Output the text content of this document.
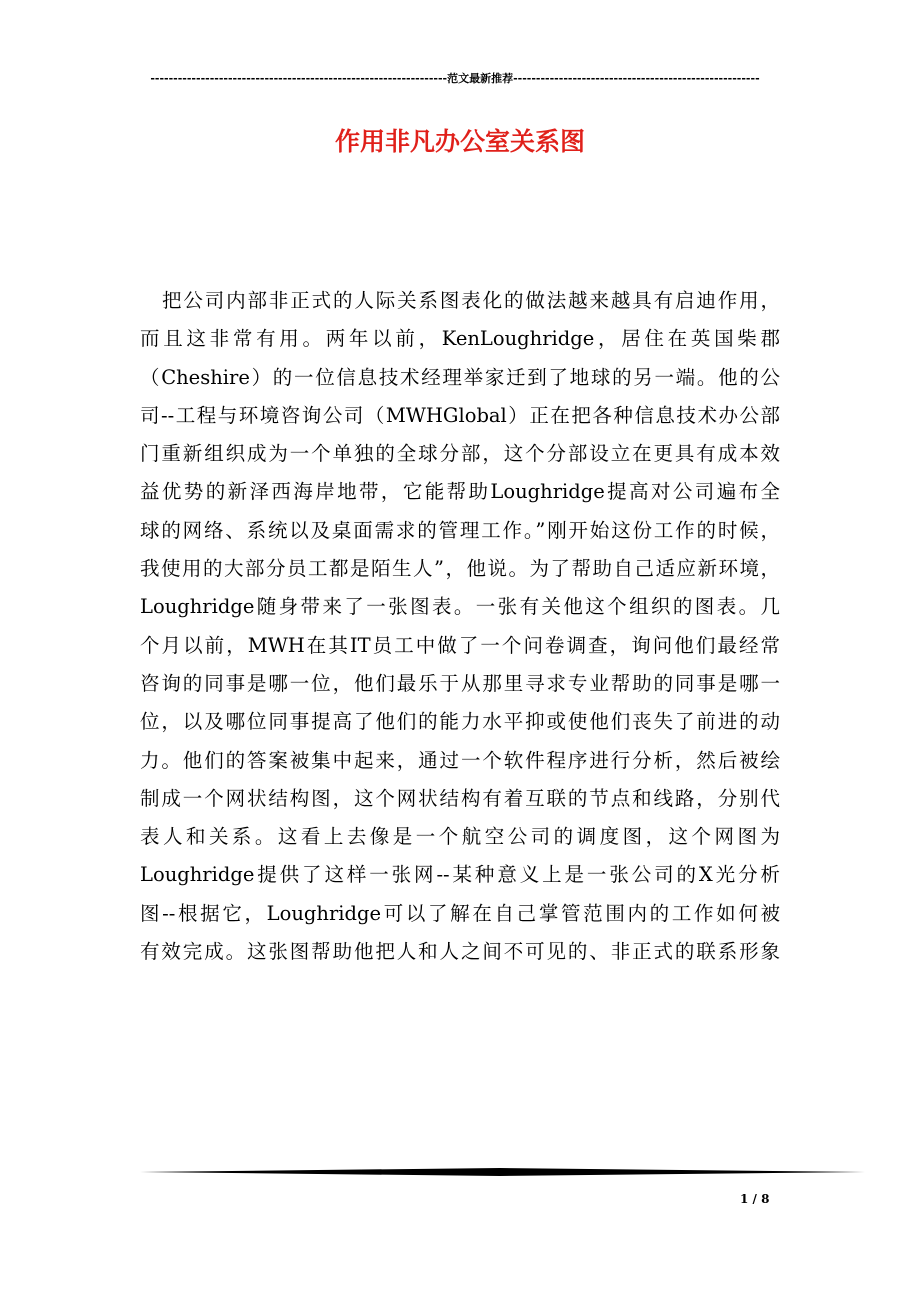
-----------------------------------------------------------------范文最新推荐------------------------------------------------------
作用非凡办公室关系图
把公司内部非正式的人际关系图表化的做法越来越具有启迪作用，
而且这非常有用。两年以前，KenLoughridge，居住在英国柴郡
（Cheshire）的一位信息技术经理举家迁到了地球的另一端。他的公
司--工程与环境咨询公司（MWHGlobal）正在把各种信息技术办公部
门重新组织成为一个单独的全球分部，这个分部设立在更具有成本效
益优势的新泽西海岸地带，它能帮助Loughridge提高对公司遍布全
球的网络、系统以及桌面需求的管理工作。”刚开始这份工作的时候，
我使用的大部分员工都是陌生人”，他说。为了帮助自己适应新环境，
Loughridge随身带来了一张图表。一张有关他这个组织的图表。几
个月以前，MWH在其IT员工中做了一个问卷调查，询问他们最经常
咨询的同事是哪一位，他们最乐于从那里寻求专业帮助的同事是哪一
位，以及哪位同事提高了他们的能力水平抑或使他们丧失了前进的动
力。他们的答案被集中起来，通过一个软件程序进行分析，然后被绘
制成一个网状结构图，这个网状结构有着互联的节点和线路，分别代
表人和关系。这看上去像是一个航空公司的调度图，这个网图为
Loughridge提供了这样一张网--某种意义上是一张公司的X光分析
图--根据它，Loughridge可以了解在自己掌管范围内的工作如何被
有效完成。这张图帮助他把人和人之间不可见的、非正式的联系形象
1 / 8
